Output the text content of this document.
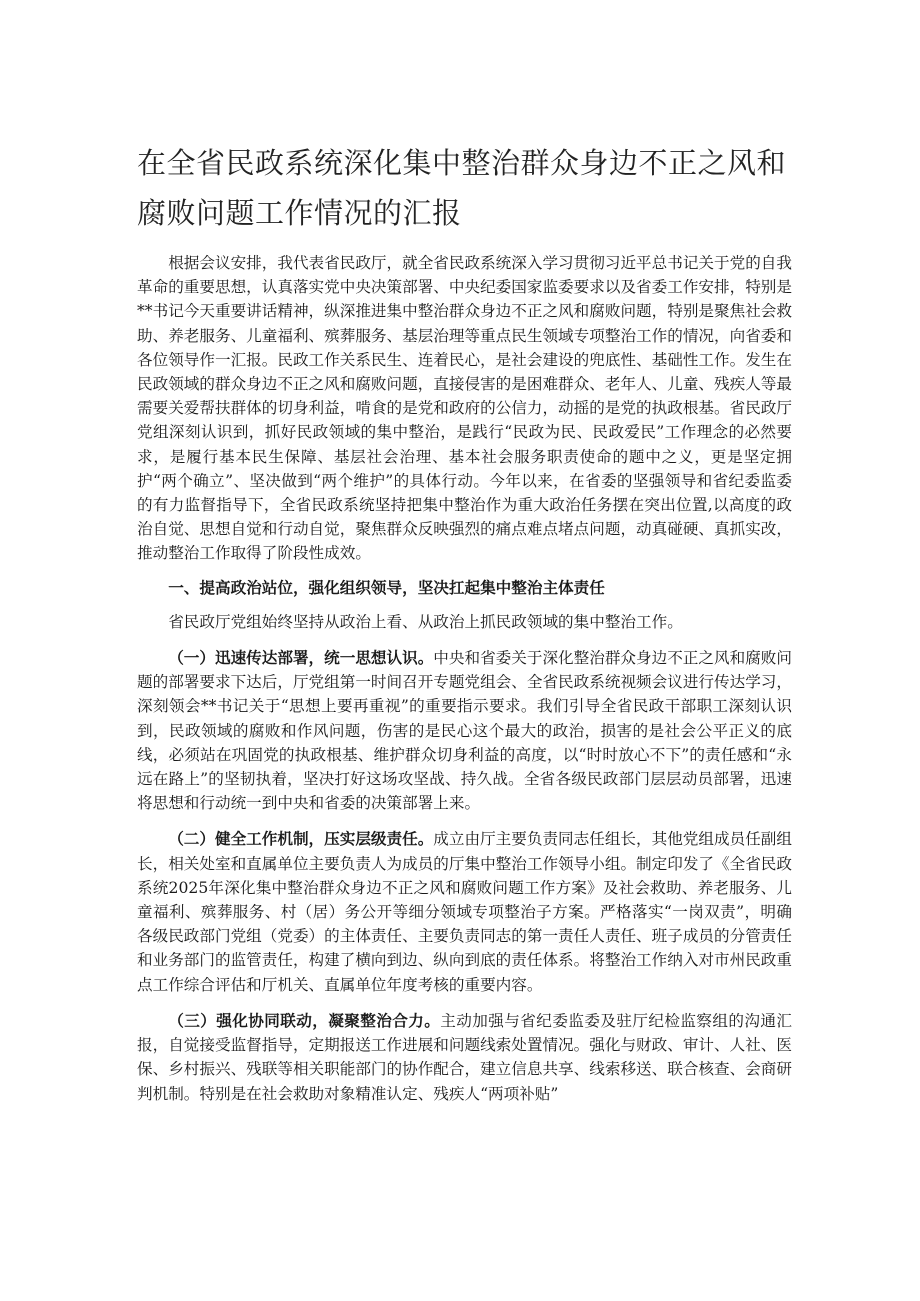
在全省民政系统深化集中整治群众身边不正之风和
腐败问题工作情况的汇报

根据会议安排，我代表省民政厅，就全省民政系统深入学习贯彻习近平总书记关于党的自我革命的重要思想，认真落实党中央决策部署、中央纪委国家监委要求以及省委工作安排，特别是**书记今天重要讲话精神，纵深推进集中整治群众身边不正之风和腐败问题，特别是聚焦社会救助、养老服务、儿童福利、殡葬服务、基层治理等重点民生领域专项整治工作的情况，向省委和各位领导作一汇报。民政工作关系民生、连着民心，是社会建设的兜底性、基础性工作。发生在民政领域的群众身边不正之风和腐败问题，直接侵害的是困难群众、老年人、儿童、残疾人等最需要关爱帮扶群体的切身利益，啃食的是党和政府的公信力，动摇的是党的执政根基。省民政厅党组深刻认识到，抓好民政领域的集中整治，是践行“民政为民、民政爱民”工作理念的必然要求，是履行基本民生保障、基层社会治理、基本社会服务职责使命的题中之义，更是坚定拥护“两个确立”、坚决做到“两个维护”的具体行动。今年以来，在省委的坚强领导和省纪委监委的有力监督指导下，全省民政系统坚持把集中整治作为重大政治任务摆在突出位置,以高度的政治自觉、思想自觉和行动自觉，聚焦群众反映强烈的痛点难点堵点问题，动真碰硬、真抓实改，推动整治工作取得了阶段性成效。

一、提高政治站位，强化组织领导，坚决扛起集中整治主体责任

省民政厅党组始终坚持从政治上看、从政治上抓民政领域的集中整治工作。

（一）迅速传达部署，统一思想认识。中央和省委关于深化整治群众身边不正之风和腐败问题的部署要求下达后，厅党组第一时间召开专题党组会、全省民政系统视频会议进行传达学习，深刻领会**书记关于“思想上要再重视”的重要指示要求。我们引导全省民政干部职工深刻认识到，民政领域的腐败和作风问题，伤害的是民心这个最大的政治，损害的是社会公平正义的底线，必须站在巩固党的执政根基、维护群众切身利益的高度，以“时时放心不下”的责任感和“永远在路上”的坚韧执着，坚决打好这场攻坚战、持久战。全省各级民政部门层层动员部署，迅速将思想和行动统一到中央和省委的决策部署上来。

（二）健全工作机制，压实层级责任。成立由厅主要负责同志任组长，其他党组成员任副组长，相关处室和直属单位主要负责人为成员的厅集中整治工作领导小组。制定印发了《全省民政系统2025年深化集中整治群众身边不正之风和腐败问题工作方案》及社会救助、养老服务、儿童福利、殡葬服务、村（居）务公开等细分领域专项整治子方案。严格落实“一岗双责”，明确各级民政部门党组（党委）的主体责任、主要负责同志的第一责任人责任、班子成员的分管责任和业务部门的监管责任，构建了横向到边、纵向到底的责任体系。将整治工作纳入对市州民政重点工作综合评估和厅机关、直属单位年度考核的重要内容。

（三）强化协同联动，凝聚整治合力。主动加强与省纪委监委及驻厅纪检监察组的沟通汇报，自觉接受监督指导，定期报送工作进展和问题线索处置情况。强化与财政、审计、人社、医保、乡村振兴、残联等相关职能部门的协作配合，建立信息共享、线索移送、联合核查、会商研判机制。特别是在社会救助对象精准认定、残疾人“两项补贴”
